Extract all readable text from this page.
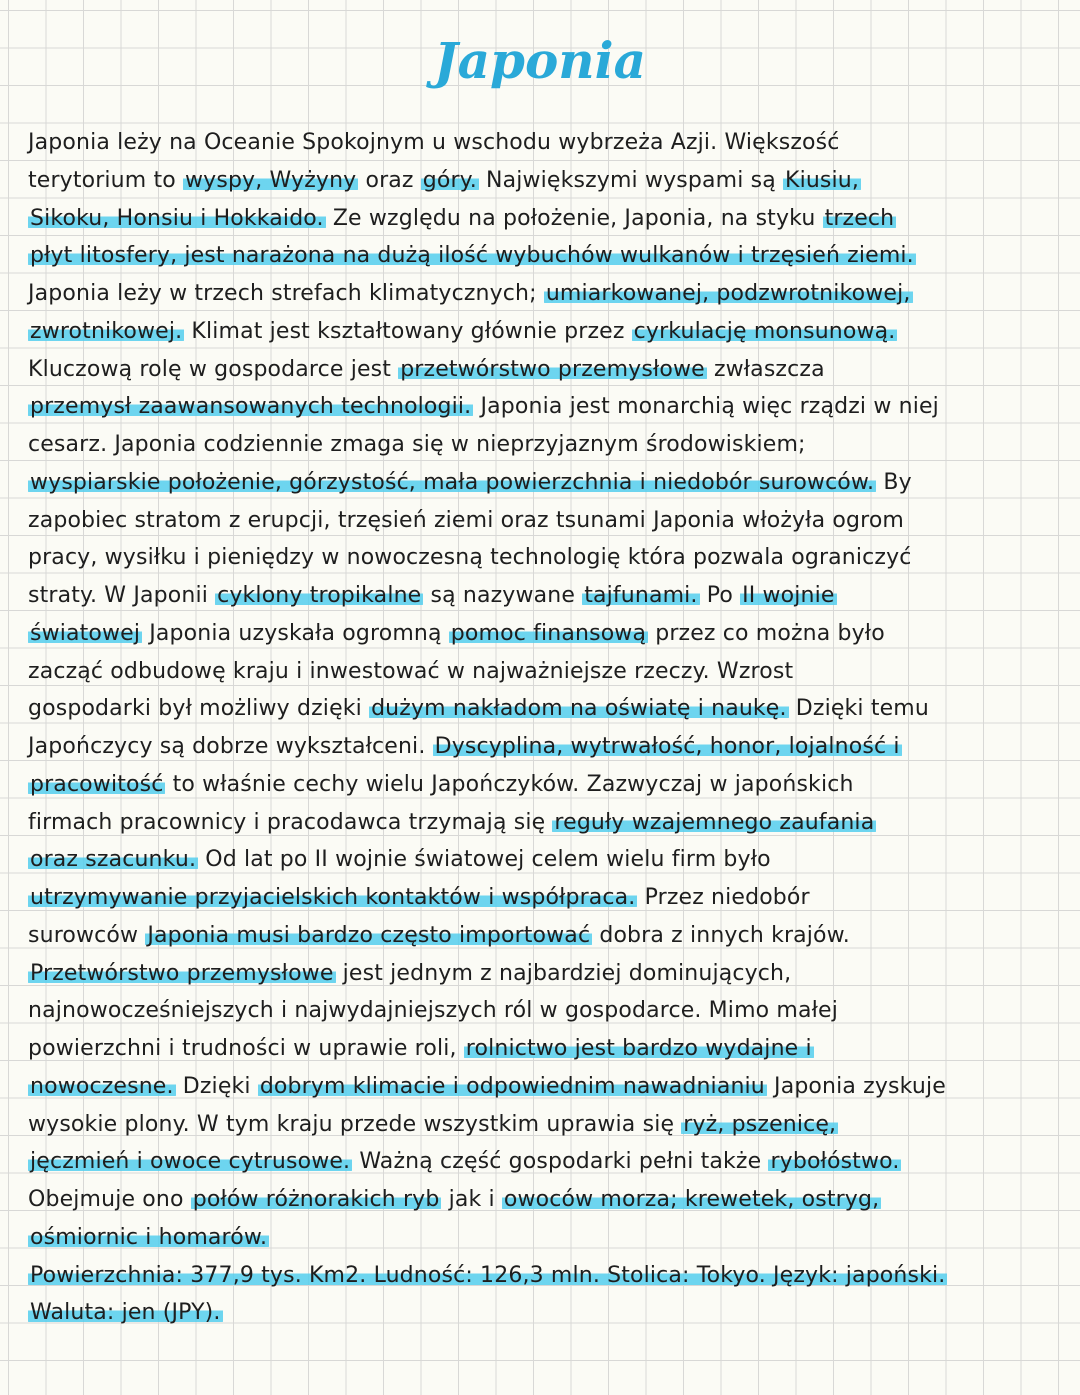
Japonia
Japonia leży na Oceanie Spokojnym u wschodu wybrzeża Azji. Większość
terytorium to wyspy, Wyżyny oraz góry. Największymi wyspami są Kiusiu,
Sikoku, Honsiu i Hokkaido. Ze względu na położenie, Japonia, na styku trzech
płyt litosfery, jest narażona na dużą ilość wybuchów wulkanów i trzęsień ziemi.
Japonia leży w trzech strefach klimatycznych; umiarkowanej, podzwrotnikowej,
zwrotnikowej. Klimat jest kształtowany głównie przez cyrkulację monsunową.
Kluczową rolę w gospodarce jest przetwórstwo przemysłowe zwłaszcza
przemysł zaawansowanych technologii. Japonia jest monarchią więc rządzi w niej
cesarz. Japonia codziennie zmaga się w nieprzyjaznym środowiskiem;
wyspiarskie położenie, górzystość, mała powierzchnia i niedobór surowców. By
zapobiec stratom z erupcji, trzęsień ziemi oraz tsunami Japonia włożyła ogrom
pracy, wysiłku i pieniędzy w nowoczesną technologię która pozwala ograniczyć
straty. W Japonii cyklony tropikalne są nazywane tajfunami. Po II wojnie
światowej Japonia uzyskała ogromną pomoc finansową przez co można było
zacząć odbudowę kraju i inwestować w najważniejsze rzeczy. Wzrost
gospodarki był możliwy dzięki dużym nakładom na oświatę i naukę. Dzięki temu
Japończycy są dobrze wykształceni. Dyscyplina, wytrwałość, honor, lojalność i
pracowitość to właśnie cechy wielu Japończyków. Zazwyczaj w japońskich
firmach pracownicy i pracodawca trzymają się reguły wzajemnego zaufania
oraz szacunku. Od lat po II wojnie światowej celem wielu firm było
utrzymywanie przyjacielskich kontaktów i współpraca. Przez niedobór
surowców Japonia musi bardzo często importować dobra z innych krajów.
Przetwórstwo przemysłowe jest jednym z najbardziej dominujących,
najnowocześniejszych i najwydajniejszych ról w gospodarce. Mimo małej
powierzchni i trudności w uprawie roli, rolnictwo jest bardzo wydajne i
nowoczesne. Dzięki dobrym klimacie i odpowiednim nawadnianiu Japonia zyskuje
wysokie plony. W tym kraju przede wszystkim uprawia się ryż, pszenicę,
jęczmień i owoce cytrusowe. Ważną część gospodarki pełni także rybołóstwo.
Obejmuje ono połów różnorakich ryb jak i owoców morza; krewetek, ostryg,
ośmiornic i homarów.
Powierzchnia: 377,9 tys. Km2. Ludność: 126,3 mln. Stolica: Tokyo. Język: japoński.
Waluta: jen (JPY).
